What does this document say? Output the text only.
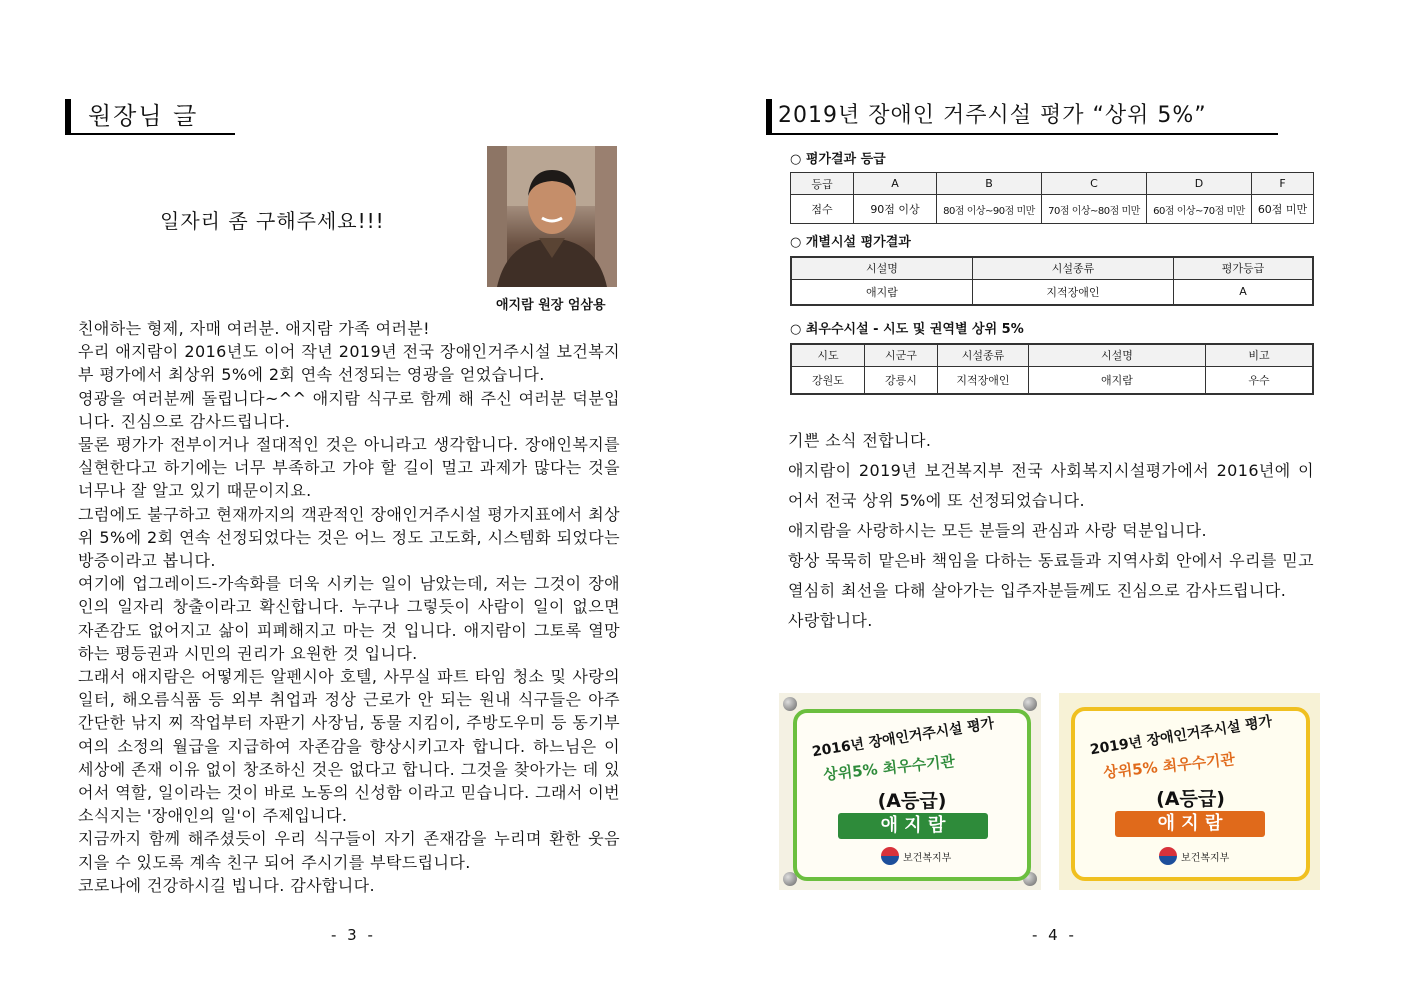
원장님 글
일자리 좀 구해주세요!!!
애지람 원장 엄삼용

친애하는 형제, 자매 여러분. 애지람 가족 여러분!

우리 애지람이 2016년도 이어 작년 2019년 전국 장애인거주시설 보건복지부 평가에서 최상위 5%에 2회 연속 선정되는 영광을 얻었습니다.

영광을 여러분께 돌립니다~^^ 애지람 식구로 함께 해 주신 여러분 덕분입니다. 진심으로 감사드립니다.

물론 평가가 전부이거나 절대적인 것은 아니라고 생각합니다. 장애인복지를 실현한다고 하기에는 너무 부족하고 가야 할 길이 멀고 과제가 많다는 것을 너무나 잘 알고 있기 때문이지요.

그럼에도 불구하고 현재까지의 객관적인 장애인거주시설 평가지표에서 최상위 5%에 2회 연속 선정되었다는 것은 어느 정도 고도화, 시스템화 되었다는 방증이라고 봅니다.

여기에 업그레이드-가속화를 더욱 시키는 일이 남았는데, 저는 그것이 장애인의 일자리 창출이라고 확신합니다. 누구나 그렇듯이 사람이 일이 없으면 자존감도 없어지고 삶이 피폐해지고 마는 것 입니다. 애지람이 그토록 열망하는 평등권과 시민의 권리가 요원한 것 입니다.

그래서 애지람은 어떻게든 알펜시아 호텔, 사무실 파트 타임 청소 및 사랑의 일터, 해오름식품 등 외부 취업과 정상 근로가 안 되는 원내 식구들은 아주 간단한 낚지 찌 작업부터 자판기 사장님, 동물 지킴이, 주방도우미 등 동기부여의 소정의 월급을 지급하여 자존감을 향상시키고자 합니다. 하느님은 이 세상에 존재 이유 없이 창조하신 것은 없다고 합니다. 그것을 찾아가는 데 있어서 역할, 일이라는 것이 바로 노동의 신성함 이라고 믿습니다. 그래서 이번 소식지는 '장애인의 일'이 주제입니다.

지금까지 함께 해주셨듯이 우리 식구들이 자기 존재감을 누리며 환한 웃음 지을 수 있도록 계속 친구 되어 주시기를 부탁드립니다.

코로나에 건강하시길 빕니다. 감사합니다.

- 3 -
2019년 장애인 거주시설 평가 “상위 5%”
○ 평가결과 등급
등급	A	B	C	D	F
점수	90점 이상	80점 이상~90점 미만	70점 이상~80점 미만	60점 이상~70점 미만	60점 미만
○ 개별시설 평가결과
시설명	시설종류	평가등급
애지람	지적장애인	A
○ 최우수시설 - 시도 및 권역별 상위 5%
시도	시군구	시설종류	시설명	비고
강원도	강릉시	지적장애인	애지람	우수

기쁜 소식 전합니다.

애지람이 2019년 보건복지부 전국 사회복지시설평가에서 2016년에 이어서 전국 상위 5%에 또 선정되었습니다.

애지람을 사랑하시는 모든 분들의 관심과 사랑 덕분입니다.

항상 묵묵히 맡은바 책임을 다하는 동료들과 지역사회 안에서 우리를 믿고 열심히 최선을 다해 살아가는 입주자분들께도 진심으로 감사드립니다.

사랑합니다.

2016년 장애인거주시설 평가
상위5% 최우수기관
(A등급)
애 지 람
보건복지부
2019년 장애인거주시설 평가
상위5% 최우수기관
(A등급)
애 지 람
보건복지부
- 4 -
